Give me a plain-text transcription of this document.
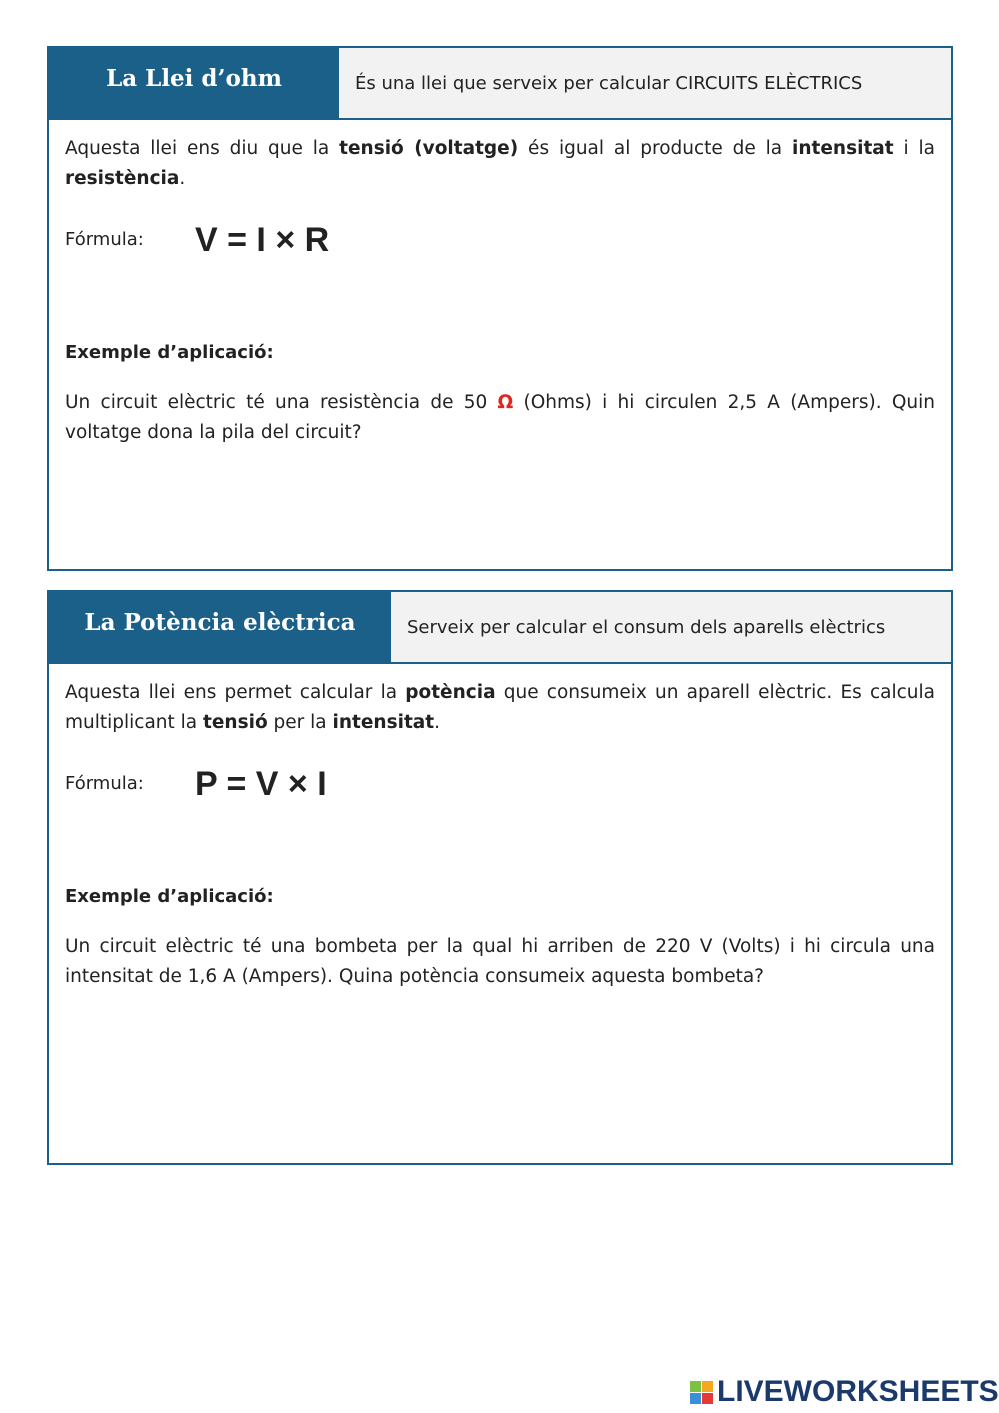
La Llei d’ohm	És una llei que serveix per calcular CIRCUITS ELÈCTRICS

Aquesta llei ens diu que la tensió (voltatge) és igual al producte de la intensitat i la resistència.

Fórmula:	V = I × R
Exemple d’aplicació:

Un circuit elèctric té una resistència de 50 Ω (Ohms) i hi circulen 2,5 A (Ampers). Quin voltatge dona la pila del circuit?

La Potència elèctrica	Serveix per calcular el consum dels aparells elèctrics

Aquesta llei ens permet calcular la potència que consumeix un aparell elèctric. Es calcula multiplicant la tensió per la intensitat.

Fórmula:	P = V × I
Exemple d’aplicació:

Un circuit elèctric té una bombeta per la qual hi arriben de 220 V (Volts) i hi circula una intensitat de 1,6 A (Ampers). Quina potència consumeix aquesta bombeta?

LIVEWORKSHEETS
